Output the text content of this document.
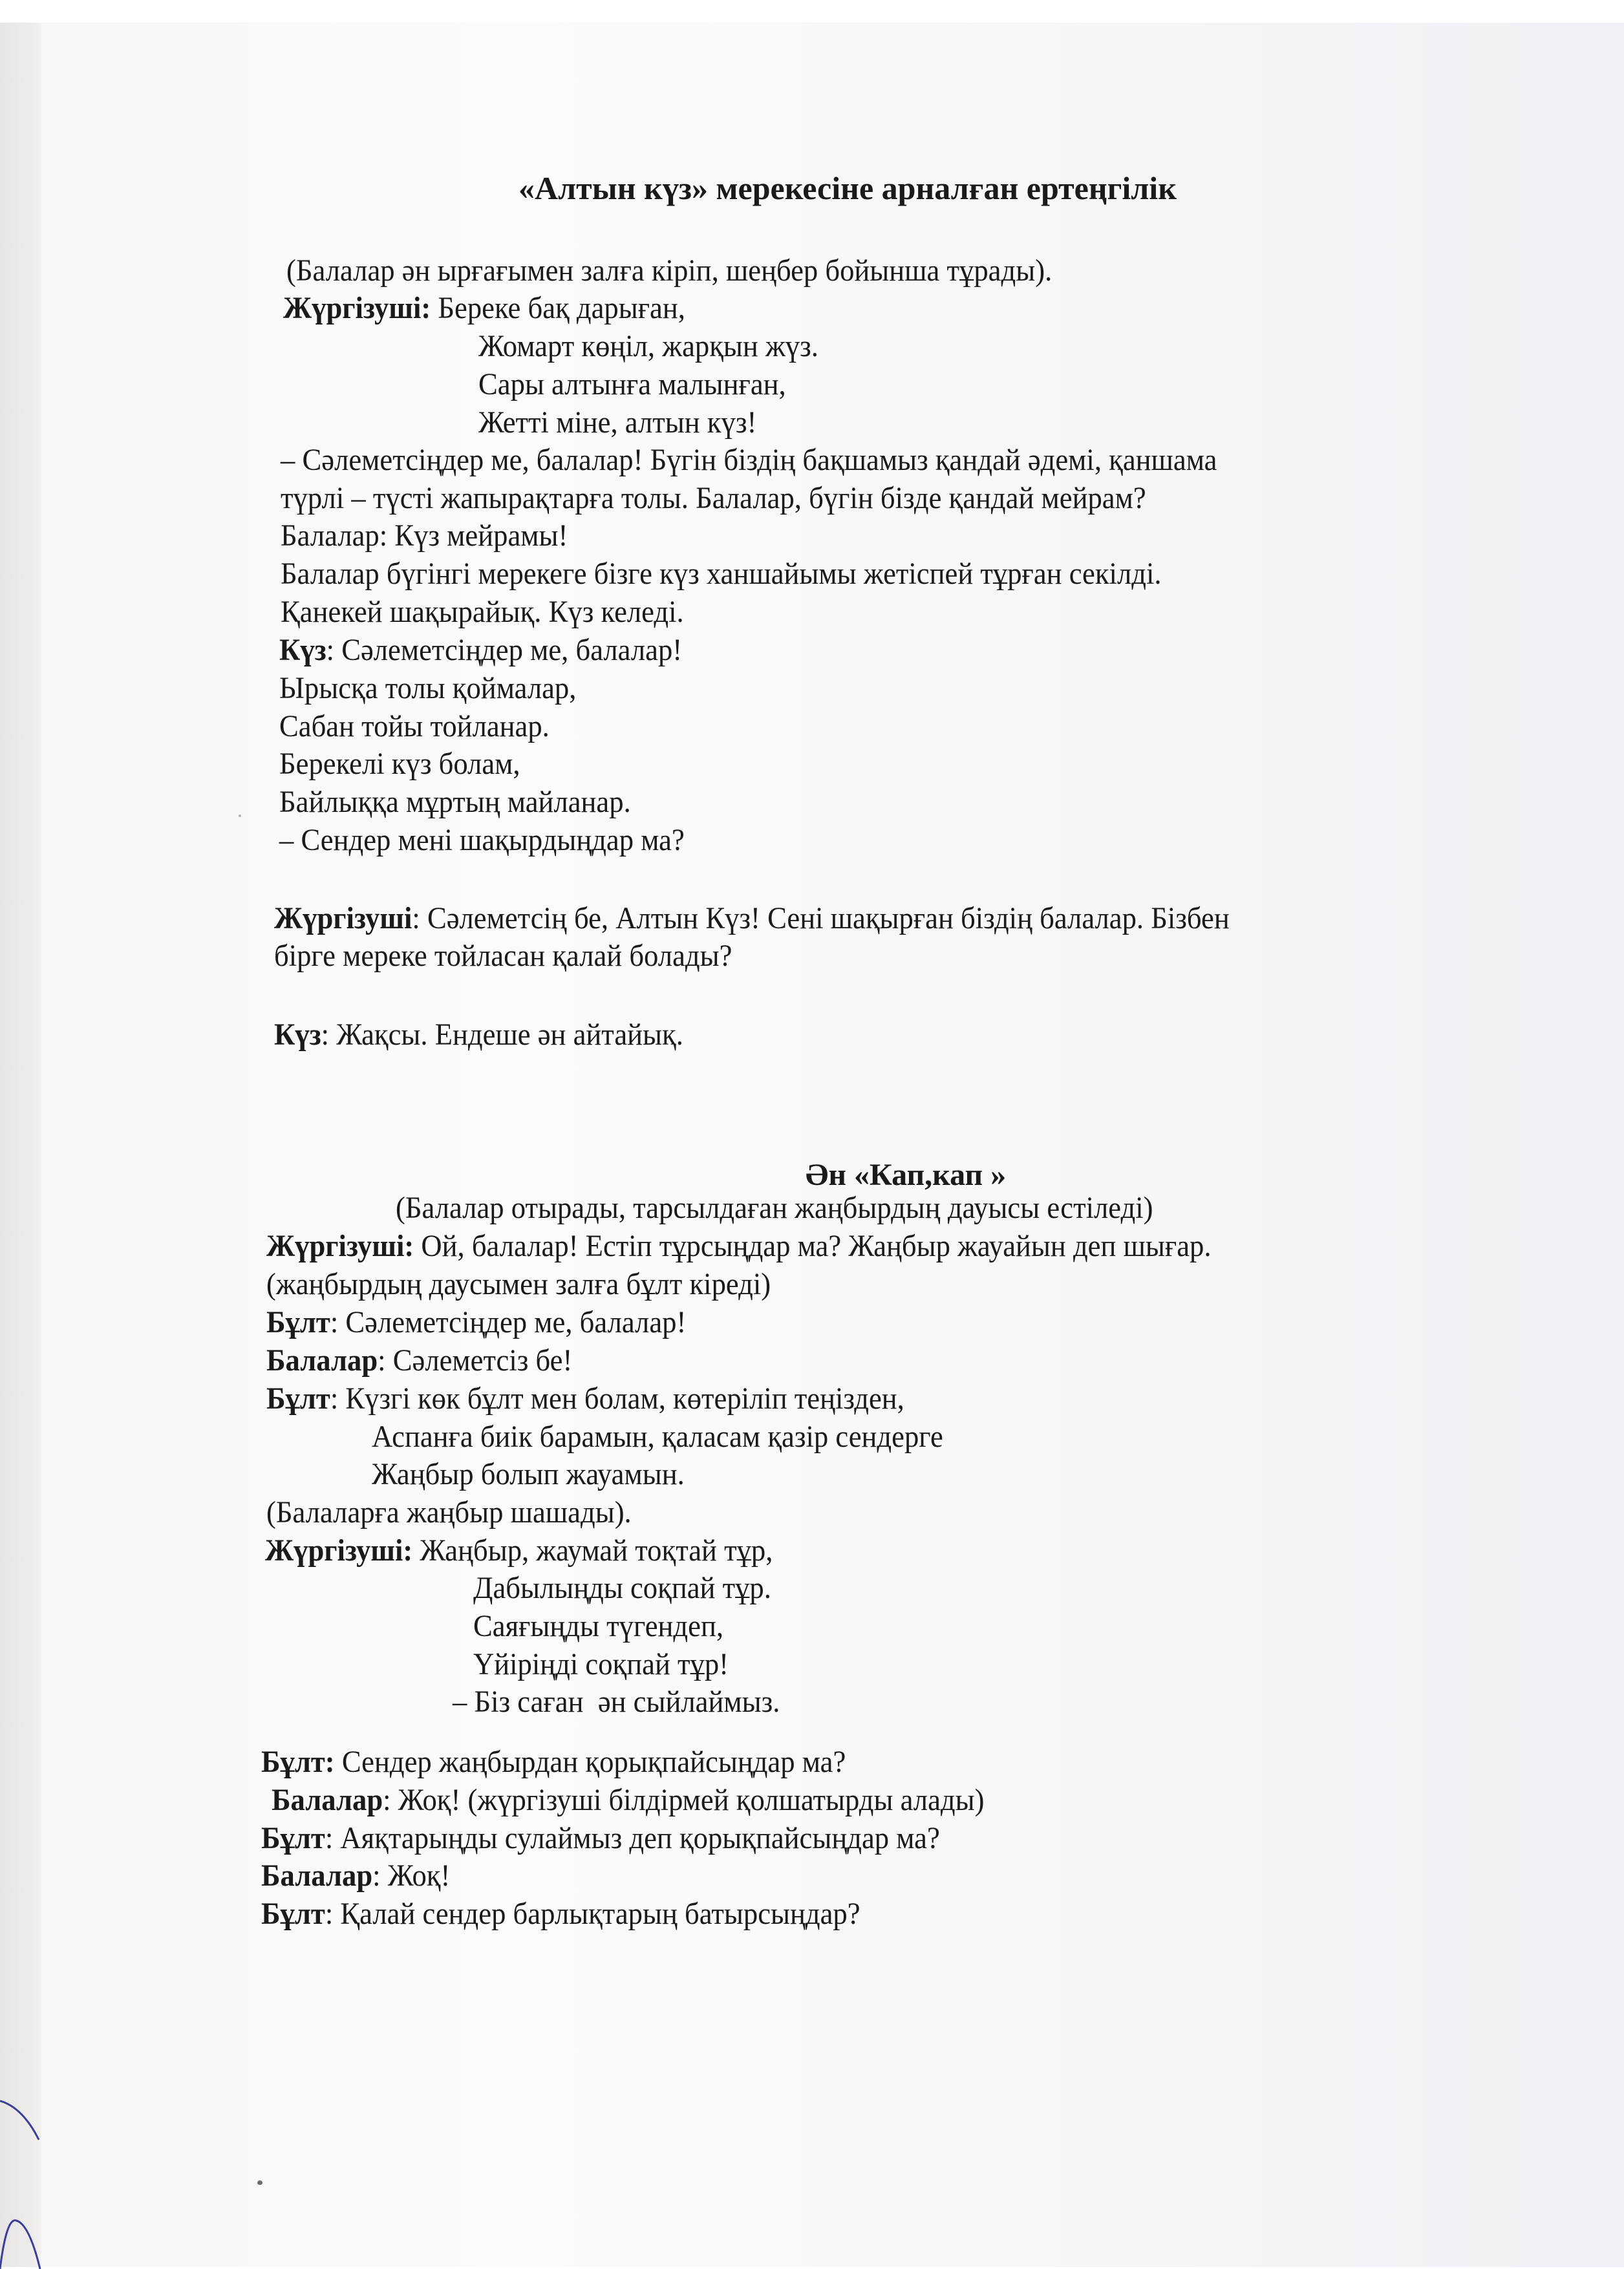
«Алтын күз» мерекесіне арналған ертеңгілік
Əн «Кап,кап »
(Балалар əн ырғағымен залға кіріп, шеңбер бойынша тұрады).
Жүргізуші: Береке бақ дарыған,
Жомарт көңіл, жарқын жүз.
Сары алтынға малынған,
Жетті міне, алтын күз!
– Сəлеметсіңдер ме, балалар! Бүгін біздің бақшамыз қандай əдемі, қаншама
түрлі – түсті жапырақтарға толы. Балалар, бүгін бізде қандай мейрам?
Балалар: Күз мейрамы!
Балалар бүгінгі мерекеге бізге күз ханшайымы жетіспей тұрған секілді.
Қанекей шақырайық. Күз келеді.
Күз: Сəлеметсіңдер ме, балалар!
Ырысқа толы қоймалар,
Сабан тойы тойланар.
Берекелі күз болам,
Байлыққа мұртың майланар.
– Сендер мені шақырдыңдар ма?
Жүргізуші: Сəлеметсің бе, Алтын Күз! Сені шақырған біздің балалар. Бізбен
бірге мереке тойласан қалай болады?
Күз: Жақсы. Ендеше əн айтайық.
(Балалар отырады, тарсылдаған жаңбырдың дауысы естіледі)
Жүргізуші: Ой, балалар! Естіп тұрсыңдар ма? Жаңбыр жауайын деп шығар.
(жаңбырдың даусымен залға бұлт кіреді)
Бұлт: Сəлеметсіңдер ме, балалар!
Балалар: Сəлеметсіз бе!
Бұлт: Күзгі көк бұлт мен болам, көтеріліп теңізден,
Аспанға биік барамын, қаласам қазір сендерге
Жаңбыр болып жауамын.
(Балаларға жаңбыр шашады).
Жүргізуші: Жаңбыр, жаумай тоқтай тұр,
Дабылыңды соқпай тұр.
Саяғыңды түгендеп,
Үйіріңді соқпай тұр!
– Біз саған  əн сыйлаймыз.
Бұлт: Сендер жаңбырдан қорықпайсыңдар ма?
Балалар: Жоқ! (жүргізуші білдірмей қолшатырды алады)
Бұлт: Аяқтарыңды сулаймыз деп қорықпайсыңдар ма?
Балалар: Жоқ!
Бұлт: Қалай сендер барлықтарың батырсыңдар?
